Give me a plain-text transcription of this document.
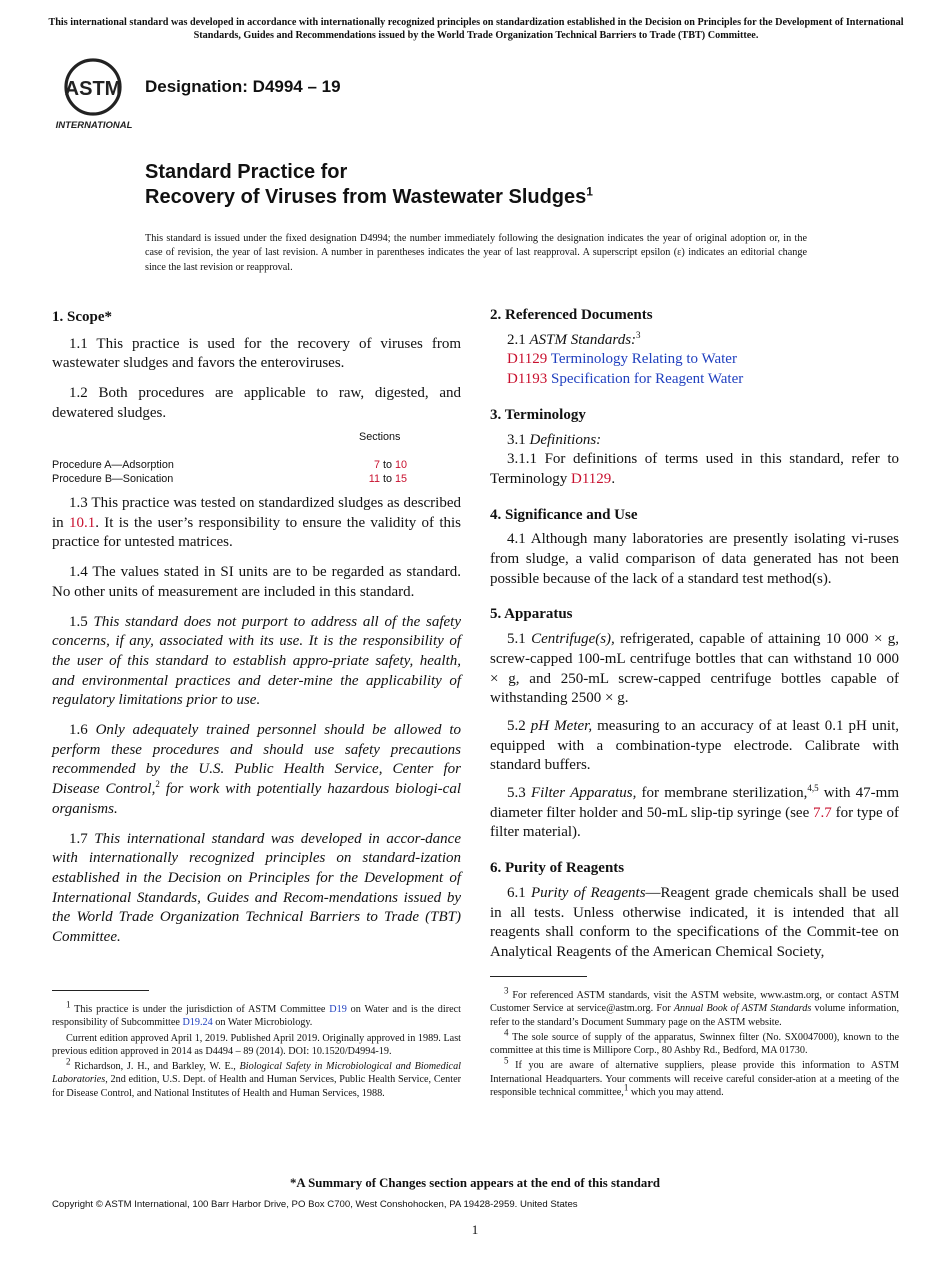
This international standard was developed in accordance with internationally recognized principles on standardization established in the Decision on Principles for the Development of International Standards, Guides and Recommendations issued by the World Trade Organization Technical Barriers to Trade (TBT) Committee.
ASTM
INTERNATIONAL
Designation: D4994 – 19
Standard Practice for
Recovery of Viruses from Wastewater Sludges$^1$
This standard is issued under the fixed designation D4994; the number immediately following the designation indicates the year of original adoption or, in the case of revision, the year of last revision. A number in parentheses indicates the year of last reapproval. A superscript epsilon (ε) indicates an editorial change since the last revision or reapproval.

1. Scope*

1.1 This practice is used for the recovery of viruses from wastewater sludges and favors the enteroviruses.

1.2 Both procedures are applicable to raw, digested, and dewatered sludges.

Sections
Procedure A—Adsorption	7 to 10
Procedure B—Sonication	11 to 15

1.3 This practice was tested on standardized sludges as described in 10.1. It is the user’s responsibility to ensure the validity of this practice for untested matrices.

1.4 The values stated in SI units are to be regarded as standard. No other units of measurement are included in this standard.

1.5 This standard does not purport to address all of the safety concerns, if any, associated with its use. It is the responsibility of the user of this standard to establish appro-priate safety, health, and environmental practices and deter-mine the applicability of regulatory limitations prior to use.

1.6 Only adequately trained personnel should be allowed to perform these procedures and should use safety precautions recommended by the U.S. Public Health Service, Center for Disease Control,$^2$ for work with potentially hazardous biologi-cal organisms.

1.7 This international standard was developed in accor-dance with internationally recognized principles on standard-ization established in the Decision on Principles for the Development of International Standards, Guides and Recom-mendations issued by the World Trade Organization Technical Barriers to Trade (TBT) Committee.

2. Referenced Documents

2.1 ASTM Standards:$^3$

D1129 Terminology Relating to Water

D1193 Specification for Reagent Water

3. Terminology

3.1 Definitions:

3.1.1 For definitions of terms used in this standard, refer to Terminology D1129.

4. Significance and Use

4.1 Although many laboratories are presently isolating vi-ruses from sludge, a valid comparison of data generated has not been possible because of the lack of a standard test method(s).

5. Apparatus

5.1 Centrifuge(s), refrigerated, capable of attaining 10 000 × g, screw-capped 100-mL centrifuge bottles that can withstand 10 000 × g, and 250-mL screw-capped centrifuge bottles capable of withstanding 2500 × g.

5.2 pH Meter, measuring to an accuracy of at least 0.1 pH unit, equipped with a combination-type electrode. Calibrate with standard buffers.

5.3 Filter Apparatus, for membrane sterilization,$^{4,5}$ with 47-mm diameter filter holder and 50-mL slip-tip syringe (see 7.7 for type of filter material).

6. Purity of Reagents

6.1 Purity of Reagents—Reagent grade chemicals shall be used in all tests. Unless otherwise indicated, it is intended that all reagents shall conform to the specifications of the Commit-tee on Analytical Reagents of the American Chemical Society,

$^1$ This practice is under the jurisdiction of ASTM Committee D19 on Water and is the direct responsibility of Subcommittee D19.24 on Water Microbiology.

Current edition approved April 1, 2019. Published April 2019. Originally approved in 1989. Last previous edition approved in 2014 as D4494 – 89 (2014). DOI: 10.1520/D4994-19.

$^2$ Richardson, J. H., and Barkley, W. E., Biological Safety in Microbiological and Biomedical Laboratories, 2nd edition, U.S. Dept. of Health and Human Services, Public Health Service, Center for Disease Control, and National Institutes of Health and Human Services, 1988.

$^3$ For referenced ASTM standards, visit the ASTM website, www.astm.org, or contact ASTM Customer Service at service@astm.org. For Annual Book of ASTM Standards volume information, refer to the standard’s Document Summary page on the ASTM website.

$^4$ The sole source of supply of the apparatus, Swinnex filter (No. SX0047000), known to the committee at this time is Millipore Corp., 80 Ashby Rd., Bedford, MA 01730.

$^5$ If you are aware of alternative suppliers, please provide this information to ASTM International Headquarters. Your comments will receive careful consider-ation at a meeting of the responsible technical committee,$^1$ which you may attend.

*A Summary of Changes section appears at the end of this standard
Copyright © ASTM International, 100 Barr Harbor Drive, PO Box C700, West Conshohocken, PA 19428-2959. United States
1
